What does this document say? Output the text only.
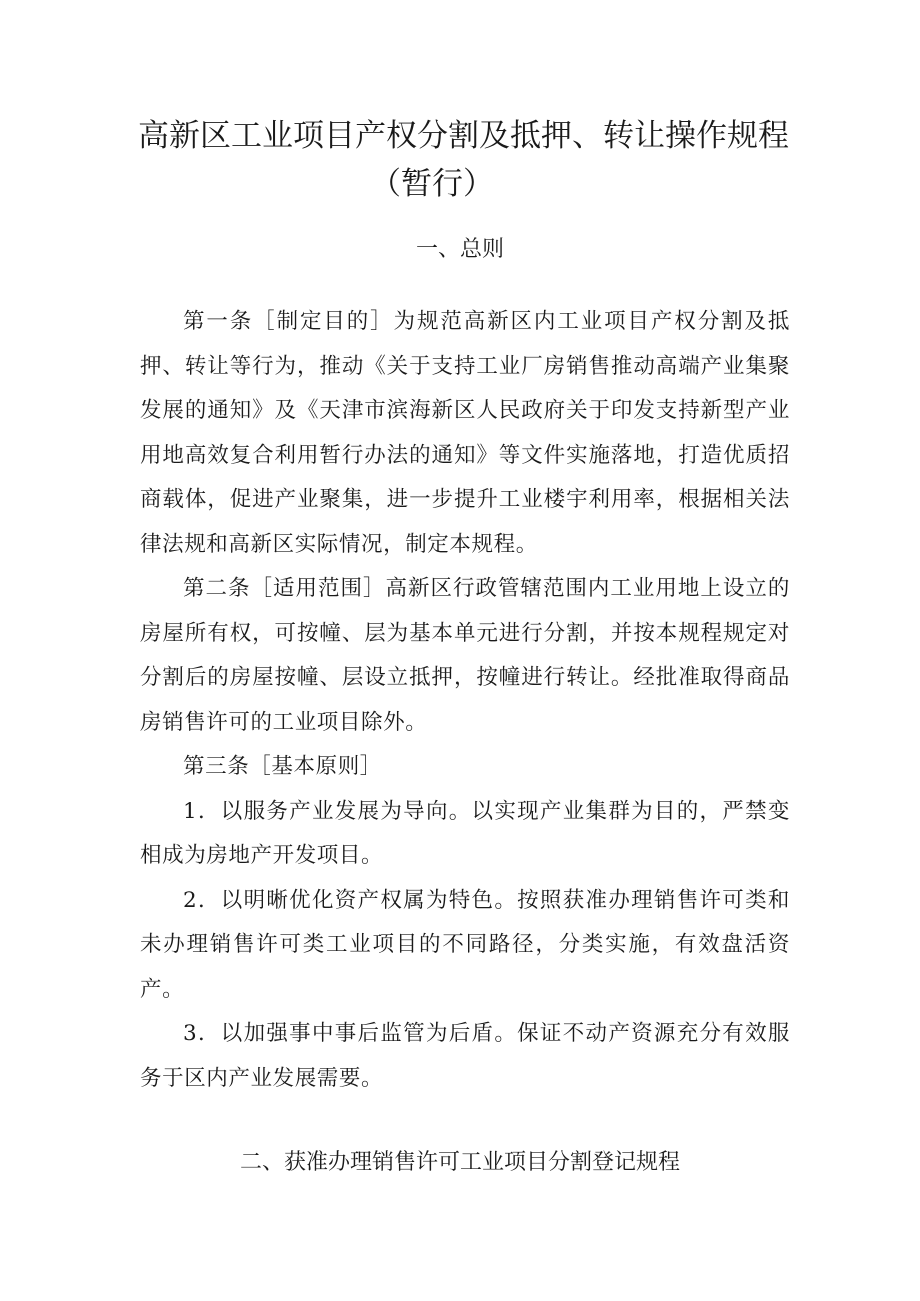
高新区工业项目产权分割及抵押、转让操作规程
（暂行）
一、总则

第一条［制定目的］为规范高新区内工业项目产权分割及抵押、转让等行为，推动《关于支持工业厂房销售推动高端产业集聚发展的通知》及《天津市滨海新区人民政府关于印发支持新型产业用地高效复合利用暂行办法的通知》等文件实施落地，打造优质招商载体，促进产业聚集，进一步提升工业楼宇利用率，根据相关法律法规和高新区实际情况，制定本规程。

第二条［适用范围］高新区行政管辖范围内工业用地上设立的房屋所有权，可按幢、层为基本单元进行分割，并按本规程规定对分割后的房屋按幢、层设立抵押，按幢进行转让。经批准取得商品房销售许可的工业项目除外。

第三条［基本原则］

1．以服务产业发展为导向。以实现产业集群为目的，严禁变相成为房地产开发项目。

2．以明晰优化资产权属为特色。按照获准办理销售许可类和未办理销售许可类工业项目的不同路径，分类实施，有效盘活资产。

3．以加强事中事后监管为后盾。保证不动产资源充分有效服务于区内产业发展需要。

二、获准办理销售许可工业项目分割登记规程
